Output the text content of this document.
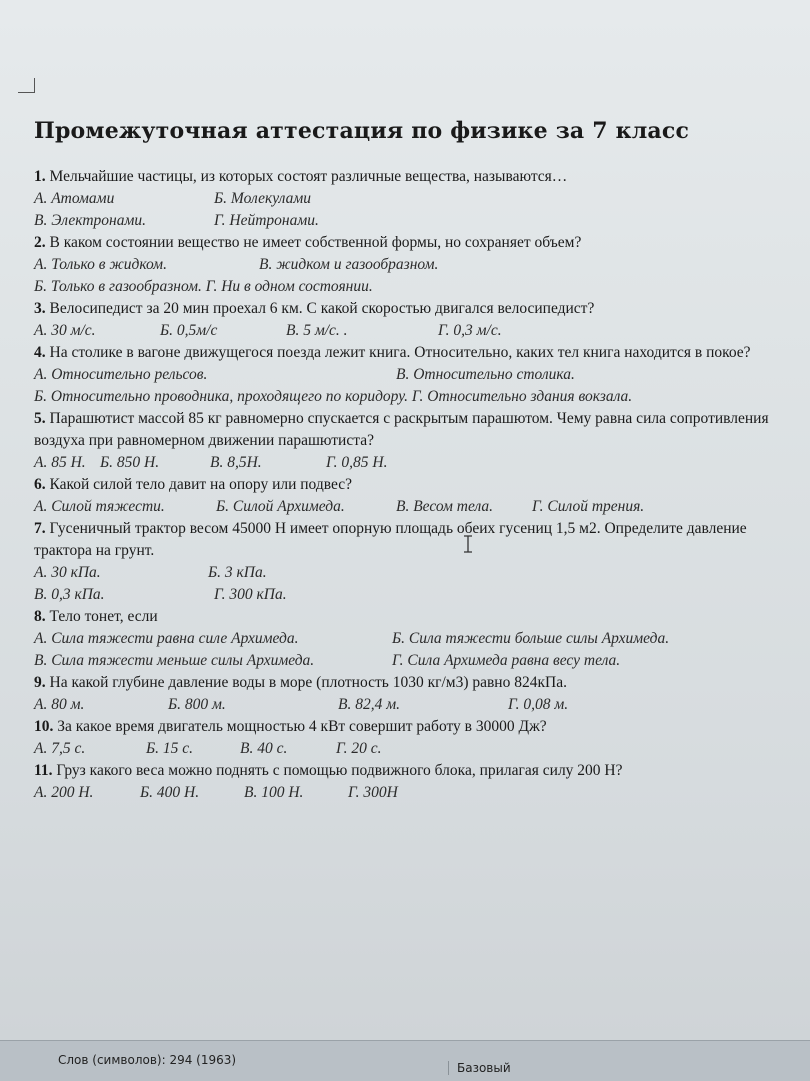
Промежуточная аттестация по физике за 7 класс

1. Мельчайшие частицы, из которых состоят различные вещества, называются…

А. Атомами	Б. Молекулами

В. Электронами.	Г. Нейтронами.

2. В каком состоянии вещество не имеет собственной формы, но сохраняет объем?

А. Только в жидком.	В. жидком и газообразном.

Б. Только в газообразном. Г. Ни в одном состоянии.

3. Велосипедист за 20 мин проехал 6 км. С какой скоростью двигался велосипедист?

А. 30 м/с.	Б. 0,5м/с	В. 5 м/с. .	Г. 0,3 м/с.

4. На столике в вагоне движущегося поезда лежит книга. Относительно, каких тел книга находится в покое?

А. Относительно рельсов.	В. Относительно столика.

Б. Относительно проводника, проходящего по коридору. Г. Относительно здания вокзала.

5. Парашютист массой 85 кг равномерно спускается с раскрытым парашютом. Чему равна сила сопротивления воздуха при равномерном движении парашютиста?

А. 85 Н. Б. 850 Н.	В. 8,5Н.	Г. 0,85 Н.

6. Какой силой тело давит на опору или подвес?

А. Силой тяжести.	Б. Силой Архимеда.	В. Весом тела.	Г. Силой трения.

7. Гусеничный трактор весом 45000 Н имеет опорную площадь обеих гусениц 1,5 м2. Определите давление трактора на грунт.

А. 30 кПа.	Б. 3 кПа.

В. 0,3 кПа.	Г. 300 кПа.

8. Тело тонет, если

А. Сила тяжести равна силе Архимеда.	Б. Сила тяжести больше силы Архимеда.

В. Сила тяжести меньше силы Архимеда.	Г. Сила Архимеда равна весу тела.

9. На какой глубине давление воды в море (плотность 1030 кг/м3) равно 824кПа.

А. 80 м.	Б. 800 м.	В. 82,4 м.	Г. 0,08 м.

10. За какое время двигатель мощностью 4 кВт совершит работу в 30000 Дж?

А. 7,5 с.	Б. 15 с.	В. 40 с.	Г. 20 с.

11. Груз какого веса можно поднять с помощью подвижного блока, прилагая силу 200 Н?

А. 200 Н.	Б. 400 Н.	В. 100 Н.	Г. 300Н

Слов (символов): 294 (1963)
Базовый
